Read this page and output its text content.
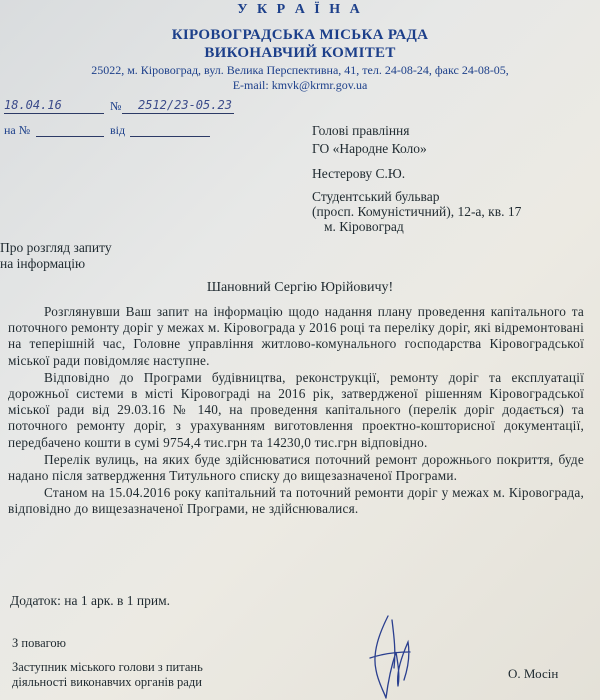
У К Р А Ї Н А
КІРОВОГРАДСЬКА МІСЬКА РАДА
ВИКОНАВЧИЙ КОМІТЕТ
25022, м. Кіровоград, вул. Велика Перспективна, 41, тел. 24-08-24, факс 24-08-05,
E-mail: kmvk@krmr.gov.ua
18.04.16	№ 2512/23-05.23
на №	від	Голові правління
ГО «Народне Коло»
Нестерову С.Ю.
Студентський бульвар
(просп. Комуністичний), 12-а, кв. 17
м. Кіровоград
Про розгляд запиту
на інформацію
Шановний Сергію Юрійовичу!

Розглянувши Ваш запит на інформацію щодо надання плану проведення капітального та поточного ремонту доріг у межах м. Кіровограда у 2016 році та переліку доріг, які відремонтовані на теперішній час, Головне управління житлово-комунального господарства Кіровоградської міської ради повідомляє наступне.

Відповідно до Програми будівництва, реконструкції, ремонту доріг та експлуатації дорожньої системи в місті Кіровограді на 2016 рік, затвердженої рішенням Кіровоградської міської ради від 29.03.16 № 140, на проведення капітального (перелік доріг додається) та поточного ремонту доріг, з урахуванням виготовлення проектно-кошторисної документації, передбачено кошти в сумі 9754,4 тис.грн та 14230,0 тис.грн відповідно.

Перелік вулиць, на яких буде здійснюватися поточний ремонт дорожнього покриття, буде надано після затвердження Титульного списку до вищезазначеної Програми.

Станом на 15.04.2016 року капітальний та поточний ремонти доріг у межах м. Кіровограда, відповідно до вищезазначеної Програми, не здійснювалися.

Додаток: на 1 арк. в 1 прим.
З повагою
Заступник міського голови з питань
діяльності виконавчих органів ради
О. Мосін
